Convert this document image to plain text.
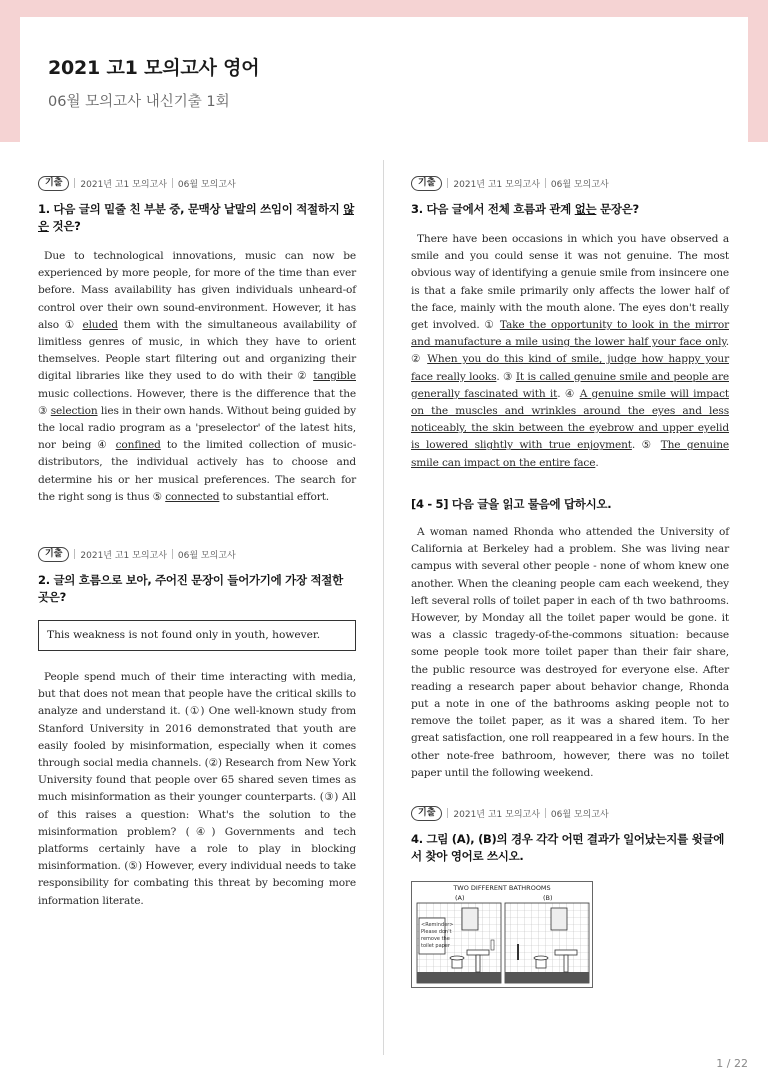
2021 고1 모의고사 영어
06월 모의고사 내신기출 1회
기출	2021년 고1 모의고사 06월 모의고사
1. 다음 글의 밑줄 친 부분 중, 문맥상 낱말의 쓰임이 적절하지 않은 것은?
Due to technological innovations, music can now be experienced by more people, for more of the time than ever before. Mass availability has given individuals unheard-of control over their own sound-environment. However, it has also ① eluded them with the simultaneous availability of limitless genres of music, in which they have to orient themselves. People start filtering out and organizing their digital libraries like they used to do with their ② tangible music collections. However, there is the difference that the ③ selection lies in their own hands. Without being guided by the local radio program as a 'preselector' of the latest hits, nor being ④ confined to the limited collection of music-distributors, the individual actively has to choose and determine his or her musical preferences. The search for the right song is thus ⑤ connected to substantial effort.
기출	2021년 고1 모의고사 06월 모의고사
2. 글의 흐름으로 보아, 주어진 문장이 들어가기에 가장 적절한 곳은?
This weakness is not found only in youth, however.
People spend much of their time interacting with media, but that does not mean that people have the critical skills to analyze and understand it. (①) One well-known study from Stanford University in 2016 demonstrated that youth are easily fooled by misinformation, especially when it comes through social media channels. (②) Research from New York University found that people over 65 shared seven times as much misinformation as their younger counterparts. (③) All of this raises a question: What's the solution to the misinformation problem? (④) Governments and tech platforms certainly have a role to play in blocking misinformation. (⑤) However, every individual needs to take responsibility for combating this threat by becoming more information literate.
기출	2021년 고1 모의고사 06월 모의고사
3. 다음 글에서 전체 흐름과 관계 없는 문장은?
There have been occasions in which you have observed a smile and you could sense it was not genuine. The most obvious way of identifying a genuie smile from insincere one is that a fake smile primarily only affects the lower half of the face, mainly with the mouth alone. The eyes don't really get involved. ① Take the opportunity to look in the mirror and manufacture a mile using the lower half your face only. ② When you do this kind of smile, judge how happy your face really looks. ③ It is called genuine smile and people are generally fascinated with it. ④ A genuine smile will impact on the muscles and wrinkles around the eyes and less noticeably, the skin between the eyebrow and upper eyelid is lowered slightly with true enjoyment. ⑤ The genuine smile can impact on the entire face.
[4 - 5] 다음 글을 읽고 물음에 답하시오.
A woman named Rhonda who attended the University of California at Berkeley had a problem. She was living near campus with several other people - none of whom knew one another. When the cleaning people cam each weekend, they left several rolls of toilet paper in each of th two bathrooms. However, by Monday all the toilet paper would be gone. it was a classic tragedy-of-the-commons situation: because some people took more toilet paper than their fair share, the public resource was destroyed for everyone else. After reading a research paper about behavior change, Rhonda put a note in one of the bathrooms asking people not to remove the toilet paper, as it was a shared item. To her great satisfaction, one roll reappeared in a few hours. In the other note-free bathroom, however, there was no toilet paper until the following weekend.
기출	2021년 고1 모의고사 06월 모의고사
4. 그림 (A), (B)의 경우 각각 어떤 결과가 일어났는지를 윗글에서 찾아 영어로 쓰시오.
TWO DIFFERENT BATHROOMS
(A)	(B)
<Reminder> Please don't remove the toilet paper
1 / 22
